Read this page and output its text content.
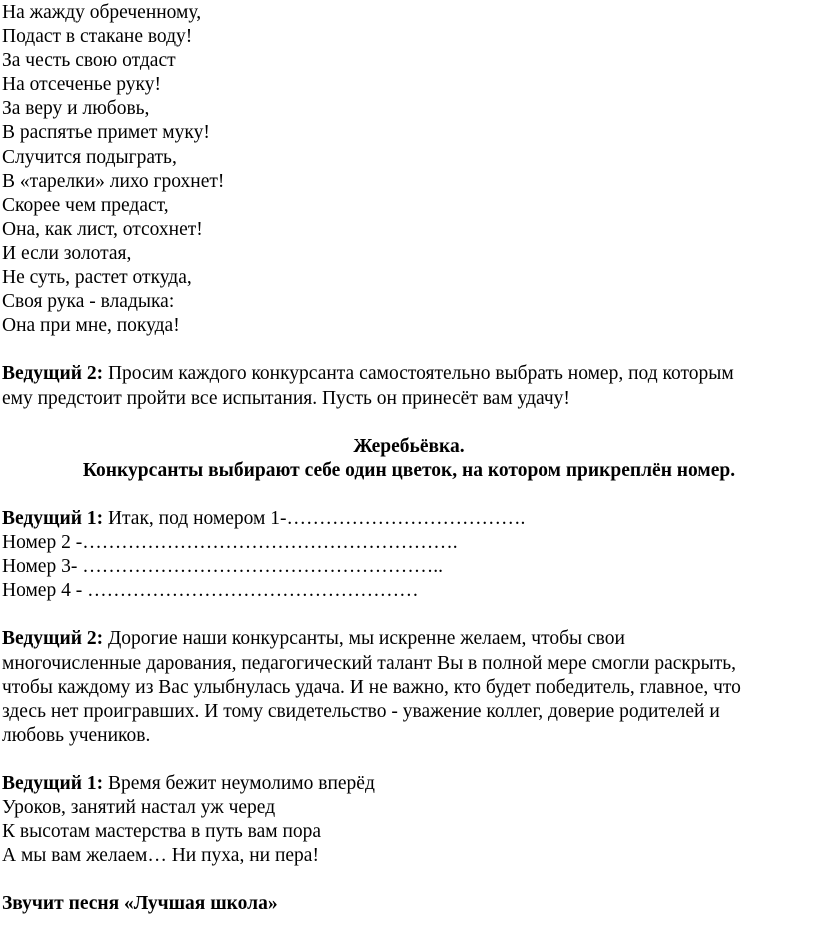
На жажду обреченному,
Подаст в стакане воду!
За честь свою отдаст
На отсеченье руку!
За веру и любовь,
В распятье примет муку!
Случится подыграть,
В «тарелки» лихо грохнет!
Скорее чем предаст,
Она, как лист, отсохнет!
И если золотая,
Не суть, растет откуда,
Своя рука - владыка:
Она при мне, покуда!
Ведущий 2: Просим каждого конкурсанта самостоятельно выбрать номер, под которым
ему предстоит пройти все испытания. Пусть он принесёт вам удачу!
Жеребьёвка.
Конкурсанты выбирают себе один цветок, на котором прикреплён номер.
Ведущий 1: Итак, под номером 1-……………………………….
Номер 2 -………………………………………………….
Номер 3- ………………………………………………..
Номер 4 - ……………………………………………
Ведущий 2: Дорогие наши конкурсанты, мы искренне желаем, чтобы свои
многочисленные дарования, педагогический талант Вы в полной мере смогли раскрыть,
чтобы каждому из Вас улыбнулась удача. И не важно, кто будет победитель, главное, что
здесь нет проигравших. И тому свидетельство - уважение коллег, доверие родителей и
любовь учеников.
Ведущий 1: Время бежит неумолимо вперёд
Уроков, занятий настал уж черед
К высотам мастерства в путь вам пора
А мы вам желаем… Ни пуха, ни пера!
Звучит песня «Лучшая школа»
